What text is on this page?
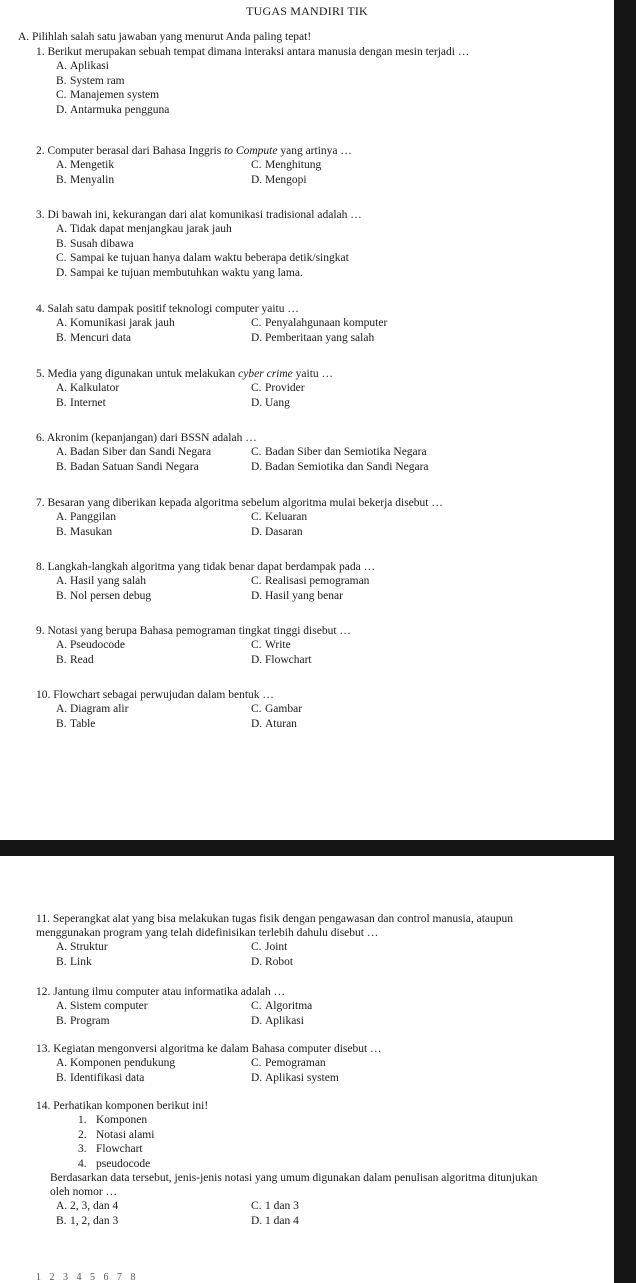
TUGAS MANDIRI TIK
A. Pilihlah salah satu jawaban yang menurut Anda paling tepat!
1. Berikut merupakan sebuah tempat dimana interaksi antara manusia dengan mesin terjadi …
A. Aplikasi
B. System ram
C. Manajemen system
D. Antarmuka pengguna
2. Computer berasal dari Bahasa Inggris to Compute yang artinya …
A. Mengetik	C. Menghitung
B. Menyalin	D. Mengopi
3. Di bawah ini, kekurangan dari alat komunikasi tradisional adalah …
A. Tidak dapat menjangkau jarak jauh
B. Susah dibawa
C. Sampai ke tujuan hanya dalam waktu beberapa detik/singkat
D. Sampai ke tujuan membutuhkan waktu yang lama.
4. Salah satu dampak positif teknologi computer yaitu …
A. Komunikasi jarak jauh	C. Penyalahgunaan komputer
B. Mencuri data	D. Pemberitaan yang salah
5. Media yang digunakan untuk melakukan cyber crime yaitu …
A. Kalkulator	C. Provider
B. Internet	D. Uang
6. Akronim (kepanjangan) dari BSSN adalah …
A. Badan Siber dan Sandi Negara	C. Badan Siber dan Semiotika Negara
B. Badan Satuan Sandi Negara	D. Badan Semiotika dan Sandi Negara
7. Besaran yang diberikan kepada algoritma sebelum algoritma mulai bekerja disebut …
A. Panggilan	C. Keluaran
B. Masukan	D. Dasaran
8. Langkah-langkah algoritma yang tidak benar dapat berdampak pada …
A. Hasil yang salah	C. Realisasi pemograman
B. Nol persen debug	D. Hasil yang benar
9. Notasi yang berupa Bahasa pemograman tingkat tinggi disebut …
A. Pseudocode	C. Write
B. Read	D. Flowchart
10. Flowchart sebagai perwujudan dalam bentuk …
A. Diagram alir	C. Gambar
B. Table	D. Aturan
11. Seperangkat alat yang bisa melakukan tugas fisik dengan pengawasan dan control manusia, ataupun menggunakan program yang telah didefinisikan terlebih dahulu disebut …
A. Struktur	C. Joint
B. Link	D. Robot
12. Jantung ilmu computer atau informatika adalah …
A. Sistem computer	C. Algoritma
B. Program	D. Aplikasi
13. Kegiatan mengonversi algoritma ke dalam Bahasa computer disebut …
A. Komponen pendukung	C. Pemograman
B. Identifikasi data	D. Aplikasi system
14. Perhatikan komponen berikut ini!
1. Komponen
2. Notasi alami
3. Flowchart
4. pseudocode
Berdasarkan data tersebut, jenis-jenis notasi yang umum digunakan dalam penulisan algoritma ditunjukan oleh nomor …
A. 2, 3, dan 4	C. 1 dan 3
B. 1, 2, dan 3	D. 1 dan 4
1 2 3 4 5 6 7 8
